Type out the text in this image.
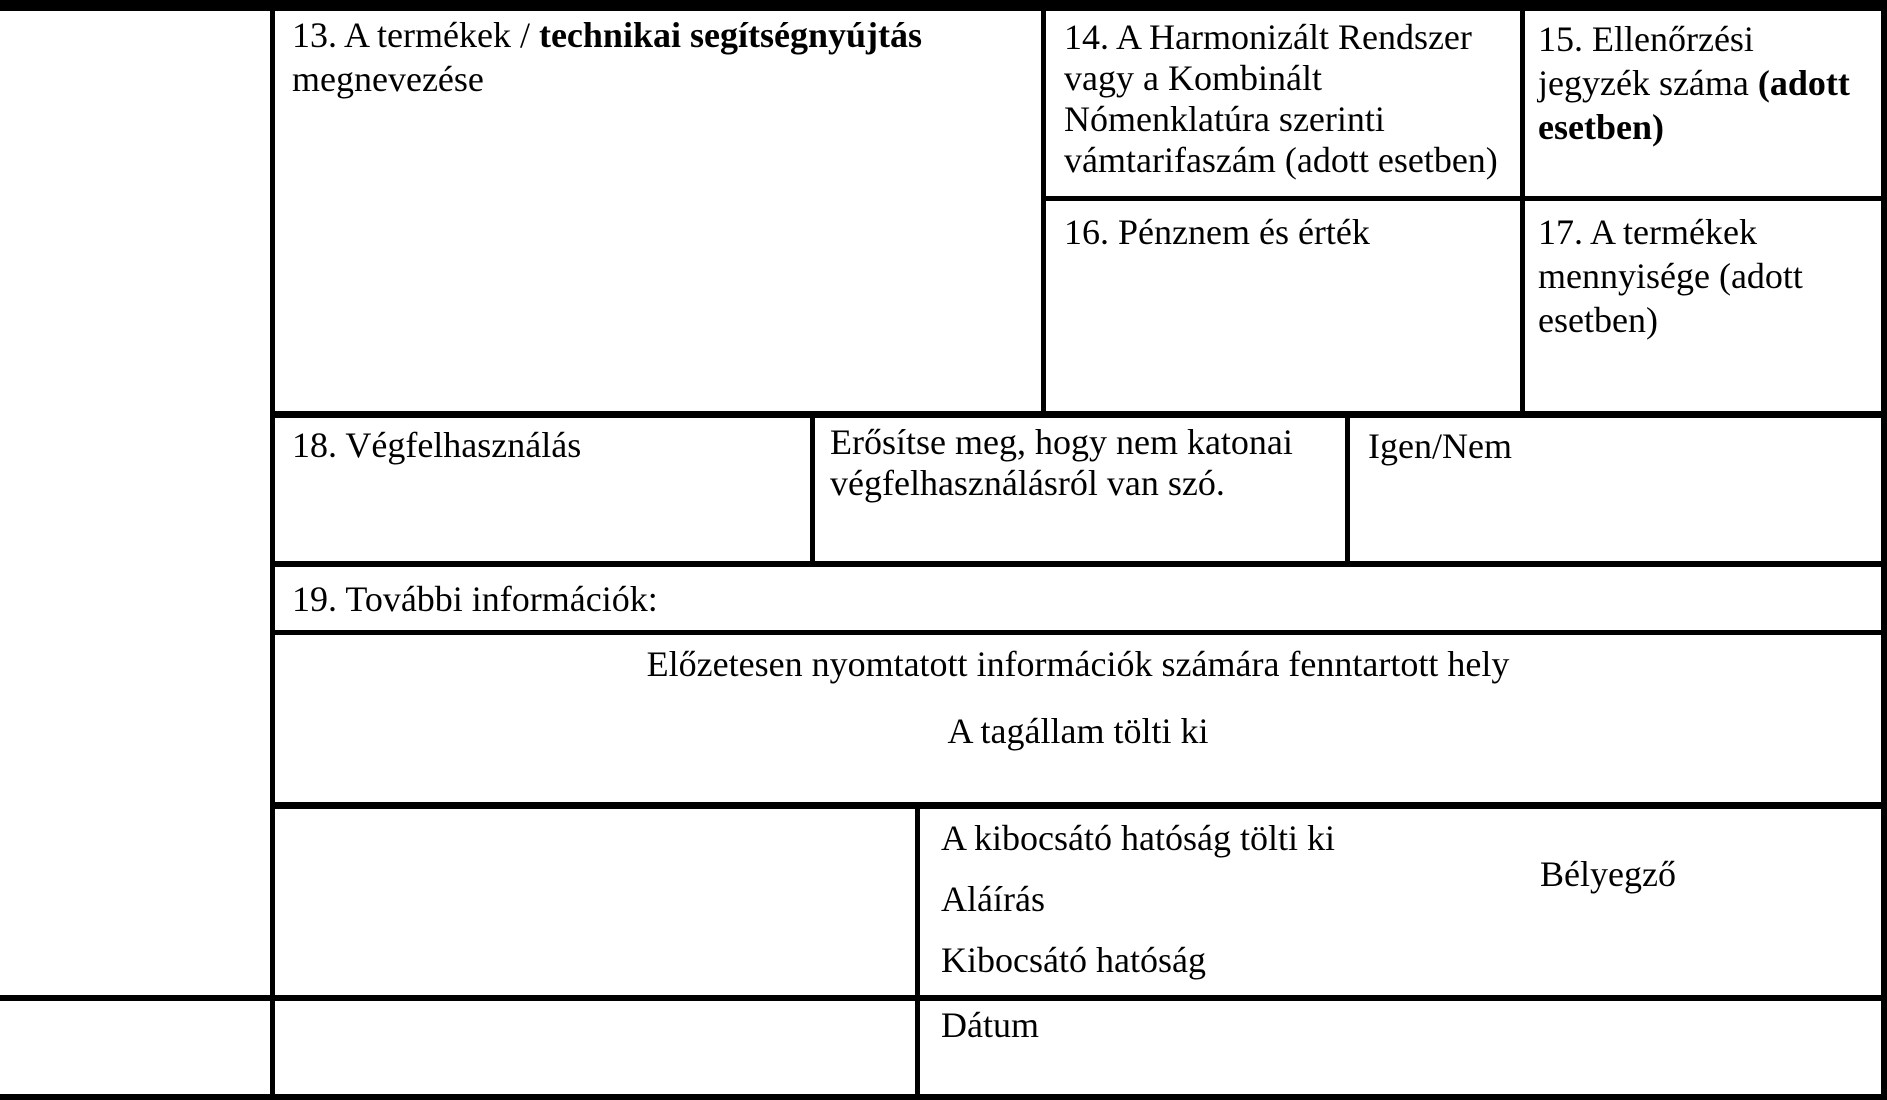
13. A termékek / technikai segítségnyújtás
megnevezése
14. A Harmonizált Rendszer
vagy a Kombinált
Nómenklatúra szerinti
vámtarifaszám (adott esetben)
15. Ellenőrzési
jegyzék száma (adott
esetben)
16. Pénznem és érték	17. A termékek
mennyisége (adott
esetben)
18. Végfelhasználás	Erősítse meg, hogy nem katonai
végfelhasználásról van szó.
Igen/Nem
19. További információk:
Előzetesen nyomtatott információk számára fenntartott hely
A tagállam tölti ki
A kibocsátó hatóság tölti ki
Bélyegző
Aláírás
Kibocsátó hatóság
Dátum
